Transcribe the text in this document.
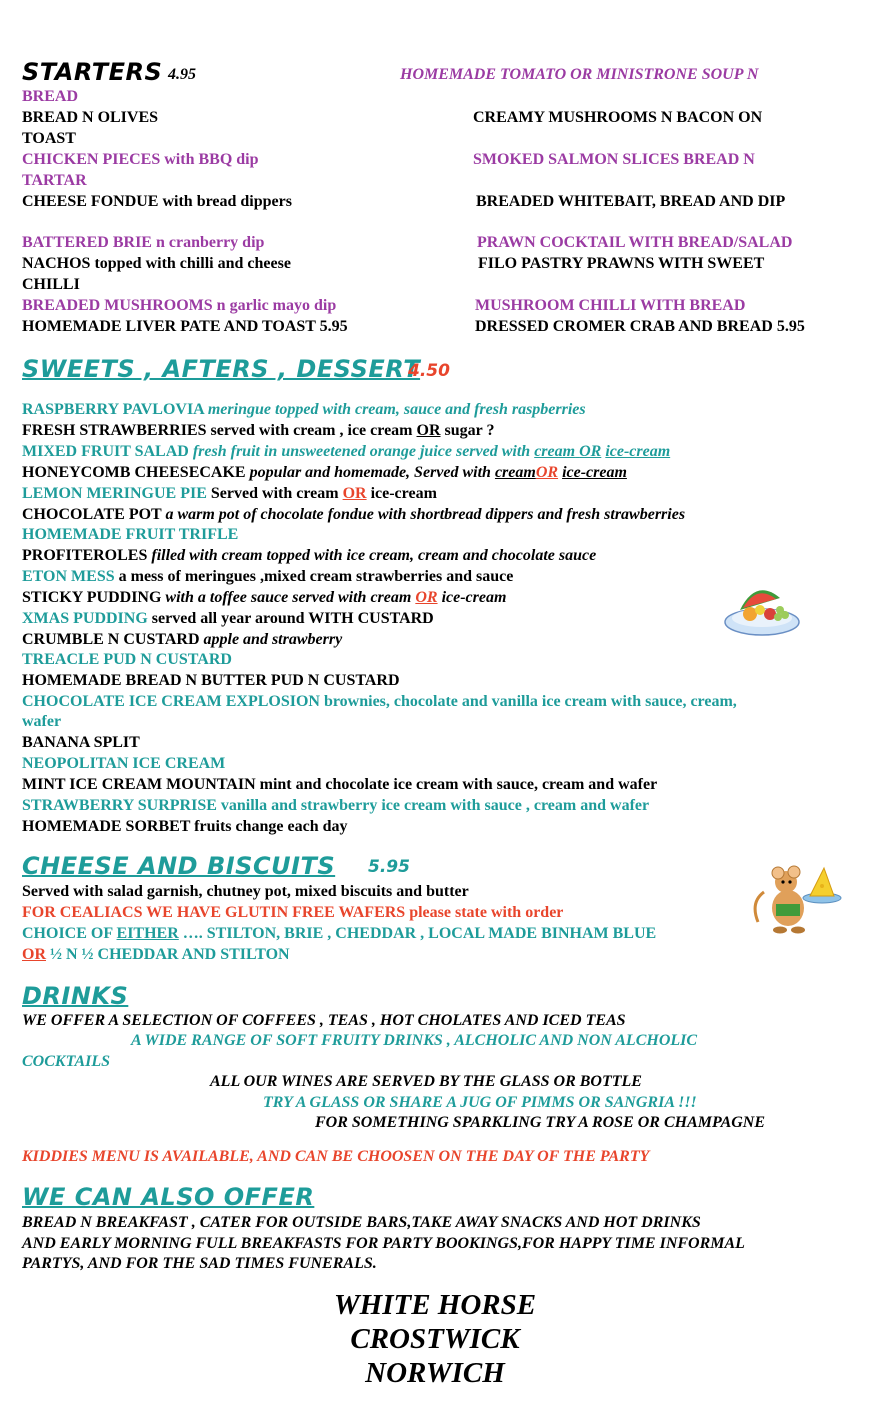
STARTERS 4.95	HOMEMADE TOMATO OR MINISTRONE SOUP N
BREAD
BREAD N OLIVES	CREAMY MUSHROOMS N BACON ON
TOAST
CHICKEN PIECES with BBQ dip	SMOKED SALMON SLICES BREAD N
TARTAR
CHEESE FONDUE with bread dippers	BREADED WHITEBAIT, BREAD AND DIP
BATTERED BRIE n cranberry dip	PRAWN COCKTAIL WITH BREAD/SALAD
NACHOS topped with chilli and cheese	FILO PASTRY PRAWNS WITH SWEET
CHILLI
BREADED MUSHROOMS n garlic mayo dip	MUSHROOM CHILLI WITH BREAD
HOMEMADE LIVER PATE AND TOAST 5.95	DRESSED CROMER CRAB AND BREAD 5.95
SWEETS , AFTERS , DESSERT
4.50
RASPBERRY PAVLOVIA meringue topped with cream, sauce and fresh raspberries
FRESH STRAWBERRIES served with cream , ice cream OR sugar ?
MIXED FRUIT SALAD fresh fruit in unsweetened orange juice served with cream OR ice-cream
HONEYCOMB CHEESECAKE popular and homemade, Served with creamOR ice-cream
LEMON MERINGUE PIE Served with cream OR ice-cream
CHOCOLATE POT a warm pot of chocolate fondue with shortbread dippers and fresh strawberries
HOMEMADE FRUIT TRIFLE
PROFITEROLES filled with cream topped with ice cream, cream and chocolate sauce
ETON MESS a mess of meringues ,mixed cream strawberries and sauce
STICKY PUDDING with a toffee sauce served with cream OR ice-cream
XMAS PUDDING served all year around WITH CUSTARD
CRUMBLE N CUSTARD apple and strawberry
TREACLE PUD N CUSTARD
HOMEMADE BREAD N BUTTER PUD N CUSTARD
CHOCOLATE ICE CREAM EXPLOSION brownies, chocolate and vanilla ice cream with sauce, cream,
wafer
BANANA SPLIT
NEOPOLITAN ICE CREAM
MINT ICE CREAM MOUNTAIN mint and chocolate ice cream with sauce, cream and wafer
STRAWBERRY SURPRISE vanilla and strawberry ice cream with sauce , cream and wafer
HOMEMADE SORBET fruits change each day
CHEESE AND BISCUITS 5.95
Served with salad garnish, chutney pot, mixed biscuits and butter
FOR CEALIACS WE HAVE GLUTIN FREE WAFERS please state with order
CHOICE OF EITHER …. STILTON, BRIE , CHEDDAR , LOCAL MADE BINHAM BLUE
OR ½ N ½ CHEDDAR AND STILTON
DRINKS
WE OFFER A SELECTION OF COFFEES , TEAS , HOT CHOLATES AND ICED TEAS
A WIDE RANGE OF SOFT FRUITY DRINKS , ALCHOLIC AND NON ALCHOLIC
COCKTAILS
ALL OUR WINES ARE SERVED BY THE GLASS OR BOTTLE
TRY A GLASS OR SHARE A JUG OF PIMMS OR SANGRIA !!!
FOR SOMETHING SPARKLING TRY A ROSE OR CHAMPAGNE
KIDDIES MENU IS AVAILABLE, AND CAN BE CHOOSEN ON THE DAY OF THE PARTY
WE CAN ALSO OFFER
BREAD N BREAKFAST , CATER FOR OUTSIDE BARS,TAKE AWAY SNACKS AND HOT DRINKS
AND EARLY MORNING FULL BREAKFASTS FOR PARTY BOOKINGS,FOR HAPPY TIME INFORMAL
PARTYS, AND FOR THE SAD TIMES FUNERALS.
WHITE HORSE
CROSTWICK
NORWICH
